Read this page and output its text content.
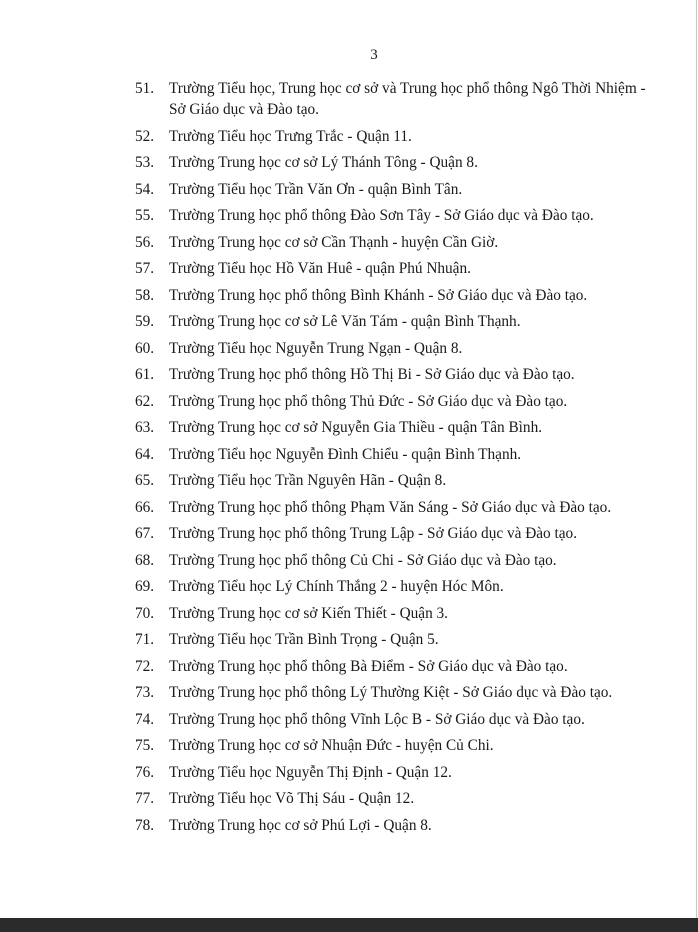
3
51. Trường Tiểu học, Trung học cơ sở và Trung học phổ thông Ngô Thời Nhiệm -
Sở Giáo dục và Đào tạo.
52. Trường Tiểu học Trưng Trắc - Quận 11.
53. Trường Trung học cơ sở Lý Thánh Tông - Quận 8.
54. Trường Tiểu học Trần Văn Ơn - quận Bình Tân.
55. Trường Trung học phổ thông Đào Sơn Tây - Sở Giáo dục và Đào tạo.
56. Trường Trung học cơ sở Cần Thạnh - huyện Cần Giờ.
57. Trường Tiểu học Hồ Văn Huê - quận Phú Nhuận.
58. Trường Trung học phổ thông Bình Khánh - Sở Giáo dục và Đào tạo.
59. Trường Trung học cơ sở Lê Văn Tám - quận Bình Thạnh.
60. Trường Tiểu học Nguyễn Trung Ngạn - Quận 8.
61. Trường Trung học phổ thông Hồ Thị Bi - Sở Giáo dục và Đào tạo.
62. Trường Trung học phổ thông Thủ Đức - Sở Giáo dục và Đào tạo.
63. Trường Trung học cơ sở Nguyễn Gia Thiều - quận Tân Bình.
64. Trường Tiểu học Nguyễn Đình Chiểu - quận Bình Thạnh.
65. Trường Tiểu học Trần Nguyên Hãn - Quận 8.
66. Trường Trung học phổ thông Phạm Văn Sáng - Sở Giáo dục và Đào tạo.
67. Trường Trung học phổ thông Trung Lập - Sở Giáo dục và Đào tạo.
68. Trường Trung học phổ thông Củ Chi - Sở Giáo dục và Đào tạo.
69. Trường Tiểu học Lý Chính Thắng 2 - huyện Hóc Môn.
70. Trường Trung học cơ sở Kiến Thiết - Quận 3.
71. Trường Tiểu học Trần Bình Trọng - Quận 5.
72. Trường Trung học phổ thông Bà Điểm - Sở Giáo dục và Đào tạo.
73. Trường Trung học phổ thông Lý Thường Kiệt - Sở Giáo dục và Đào tạo.
74. Trường Trung học phổ thông Vĩnh Lộc B - Sở Giáo dục và Đào tạo.
75. Trường Trung học cơ sở Nhuận Đức - huyện Củ Chi.
76. Trường Tiểu học Nguyễn Thị Định - Quận 12.
77. Trường Tiểu học Võ Thị Sáu - Quận 12.
78. Trường Trung học cơ sở Phú Lợi - Quận 8.
